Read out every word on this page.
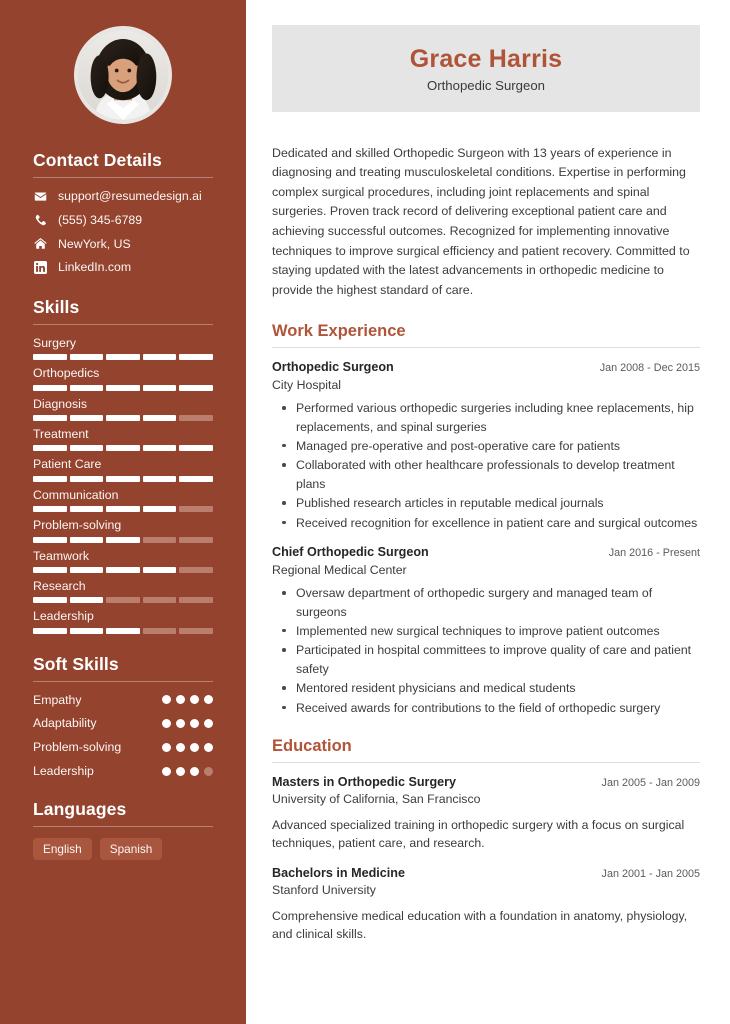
Contact Details
support@resumedesign.ai
(555) 345-6789
NewYork, US
LinkedIn.com
Skills
Surgery
Orthopedics
Diagnosis
Treatment
Patient Care
Communication
Problem-solving
Teamwork
Research
Leadership
Soft Skills
Empathy
Adaptability
Problem-solving
Leadership
Languages
English	Spanish
Grace Harris
Orthopedic Surgeon

Dedicated and skilled Orthopedic Surgeon with 13 years of experience in diagnosing and treating musculoskeletal conditions. Expertise in performing complex surgical procedures, including joint replacements and spinal surgeries. Proven track record of delivering exceptional patient care and achieving successful outcomes. Recognized for implementing innovative techniques to improve surgical efficiency and patient recovery. Committed to staying updated with the latest advancements in orthopedic medicine to provide the highest standard of care.

Work Experience
Orthopedic Surgeon	Jan 2008 - Dec 2015
City Hospital
Performed various orthopedic surgeries including knee replacements, hip replacements, and spinal surgeries
Managed pre-operative and post-operative care for patients
Collaborated with other healthcare professionals to develop treatment plans
Published research articles in reputable medical journals
Received recognition for excellence in patient care and surgical outcomes
Chief Orthopedic Surgeon	Jan 2016 - Present
Regional Medical Center
Oversaw department of orthopedic surgery and managed team of surgeons
Implemented new surgical techniques to improve patient outcomes
Participated in hospital committees to improve quality of care and patient safety
Mentored resident physicians and medical students
Received awards for contributions to the field of orthopedic surgery
Education
Masters in Orthopedic Surgery	Jan 2005 - Jan 2009
University of California, San Francisco
Advanced specialized training in orthopedic surgery with a focus on surgical techniques, patient care, and research.
Bachelors in Medicine	Jan 2001 - Jan 2005
Stanford University
Comprehensive medical education with a foundation in anatomy, physiology, and clinical skills.
